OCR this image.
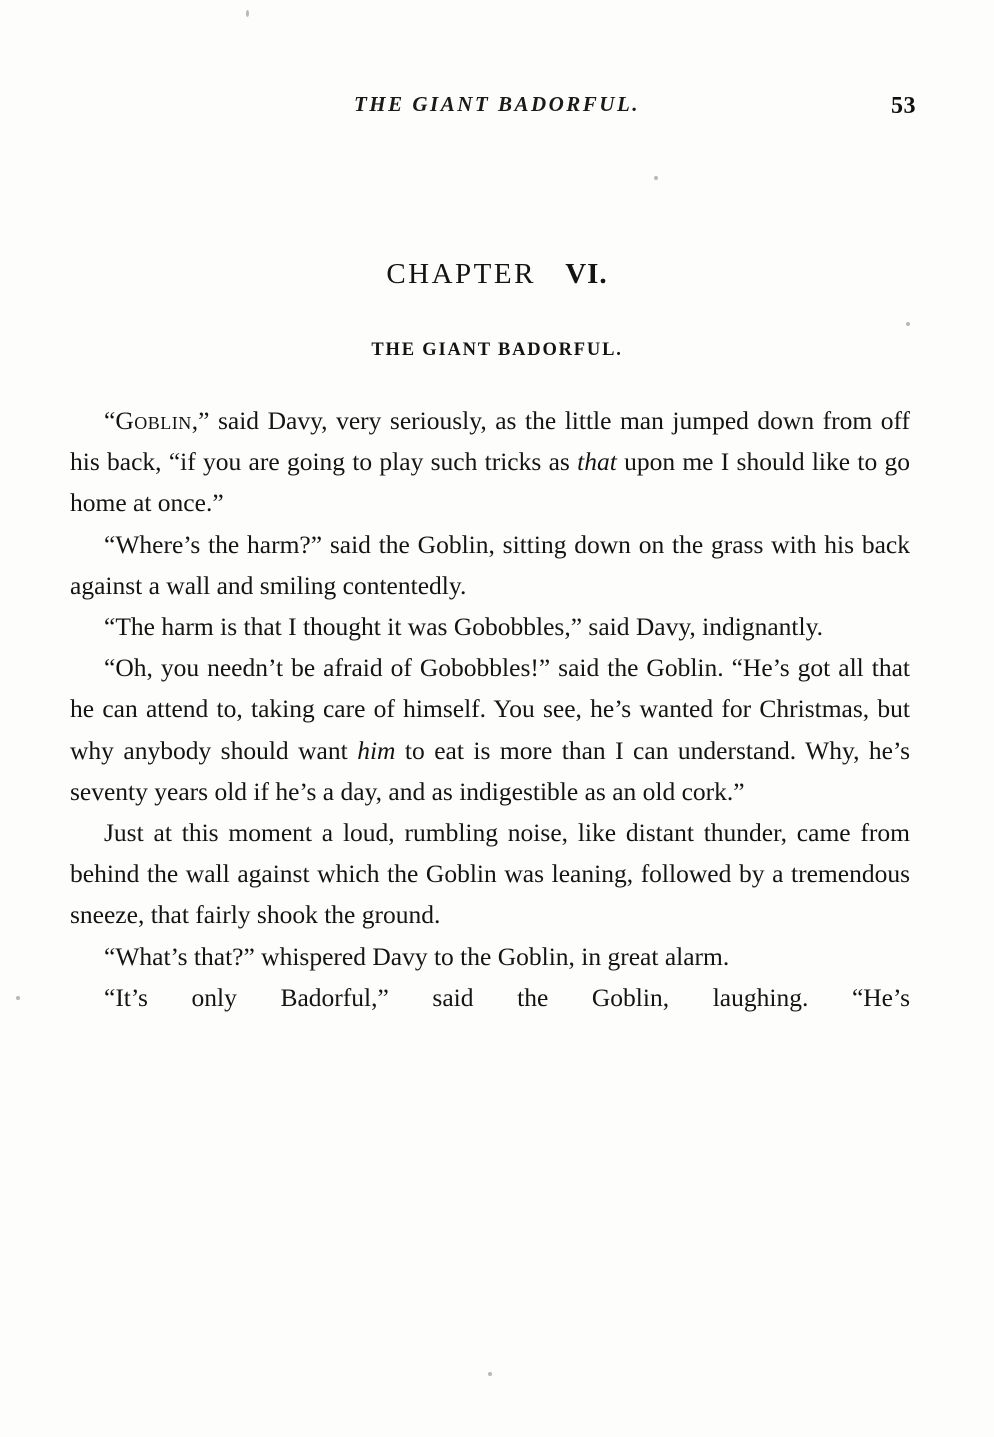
THE GIANT BADORFUL.	53
CHAPTER VI.
THE GIANT BADORFUL.

“Goblin,” said Davy, very seriously, as the little man jumped down from off his back, “if you are going to play such tricks as that upon me I should like to go home at once.”

“Where’s the harm?” said the Goblin, sitting down on the grass with his back against a wall and smiling contentedly.

“The harm is that I thought it was Gobobbles,” said Davy, indignantly.

“Oh, you needn’t be afraid of Gobobbles!” said the Goblin. “He’s got all that he can attend to, taking care of himself. You see, he’s wanted for Christmas, but why anybody should want him to eat is more than I can understand. Why, he’s seventy years old if he’s a day, and as indigestible as an old cork.”

Just at this moment a loud, rumbling noise, like distant thunder, came from behind the wall against which the Goblin was leaning, followed by a tremendous sneeze, that fairly shook the ground.

“What’s that?” whispered Davy to the Goblin, in great alarm.

“It’s only Badorful,” said the Goblin, laughing. “He’s
